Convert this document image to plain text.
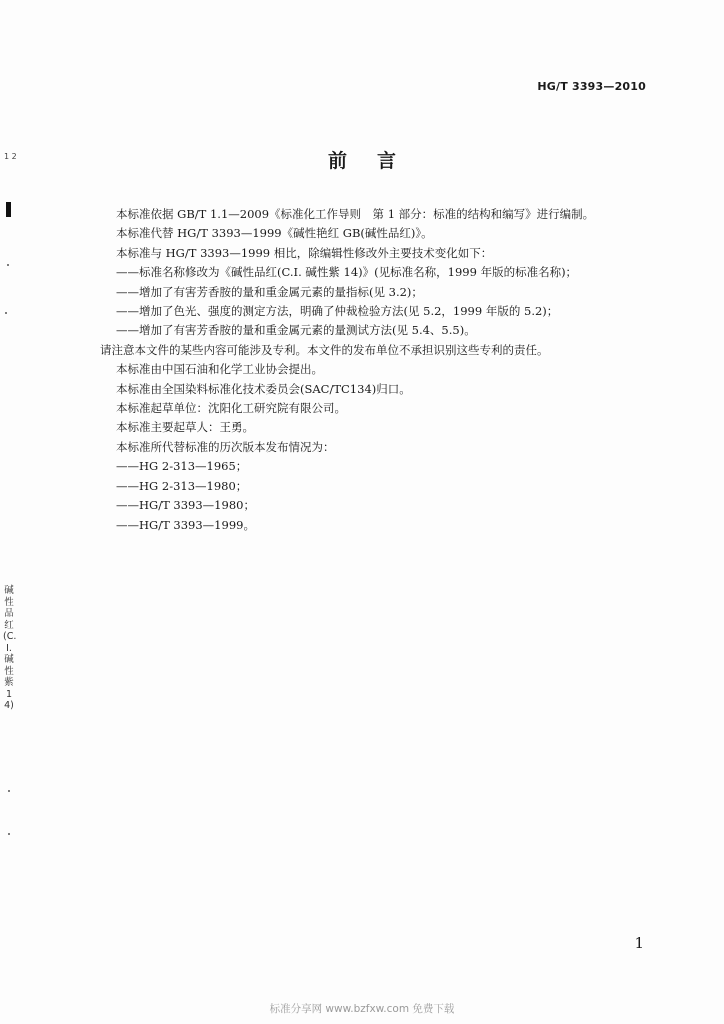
HG/T 3393—2010
前言

本标准依据 GB/T 1.1—2009《标准化工作导则　第 1 部分：标准的结构和编写》进行编制。

本标准代替 HG/T 3393—1999《碱性艳红 GB(碱性品红)》。

本标准与 HG/T 3393—1999 相比，除编辑性修改外主要技术变化如下：

——标准名称修改为《碱性品红(C.I. 碱性紫 14)》(见标准名称，1999 年版的标准名称)；

——增加了有害芳香胺的量和重金属元素的量指标(见 3.2)；

——增加了色光、强度的测定方法，明确了仲裁检验方法(见 5.2，1999 年版的 5.2)；

——增加了有害芳香胺的量和重金属元素的量测试方法(见 5.4、5.5)。

请注意本文件的某些内容可能涉及专利。本文件的发布单位不承担识别这些专利的责任。

本标准由中国石油和化学工业协会提出。

本标准由全国染料标准化技术委员会(SAC/TC134)归口。

本标准起草单位：沈阳化工研究院有限公司。

本标准主要起草人：王勇。

本标准所代替标准的历次版本发布情况为：

——HG 2-313—1965；

——HG 2-313—1980；

——HG/T 3393—1980；

——HG/T 3393—1999。

1
标准分享网 www.bzfxw.com 免费下载
1 2
碱性品红(C.I.碱性紫14)
